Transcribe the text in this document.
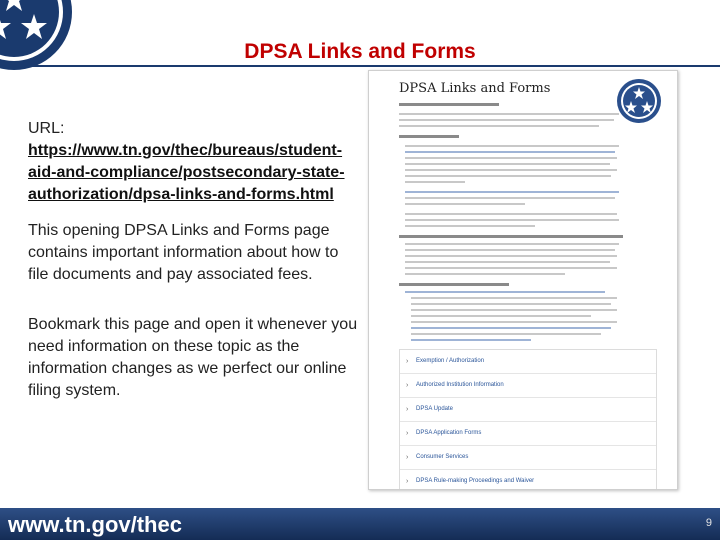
DPSA Links and Forms
URL:
https://www.tn.gov/thec/bureaus/student-aid-and-compliance/postsecondary-state-authorization/dpsa-links-and-forms.html
This opening DPSA Links and Forms page contains important information about how to file documents and pay associated fees.
Bookmark this page and open it whenever you need information on these topic as the information changes as we perfect our online filing system.
DPSA Links and Forms
› Exemption / Authorization
› Authorized Institution Information
› DPSA Update
› DPSA Application Forms
› Consumer Services
› DPSA Rule-making Proceedings and Waiver
www.tn.gov/thec	9
